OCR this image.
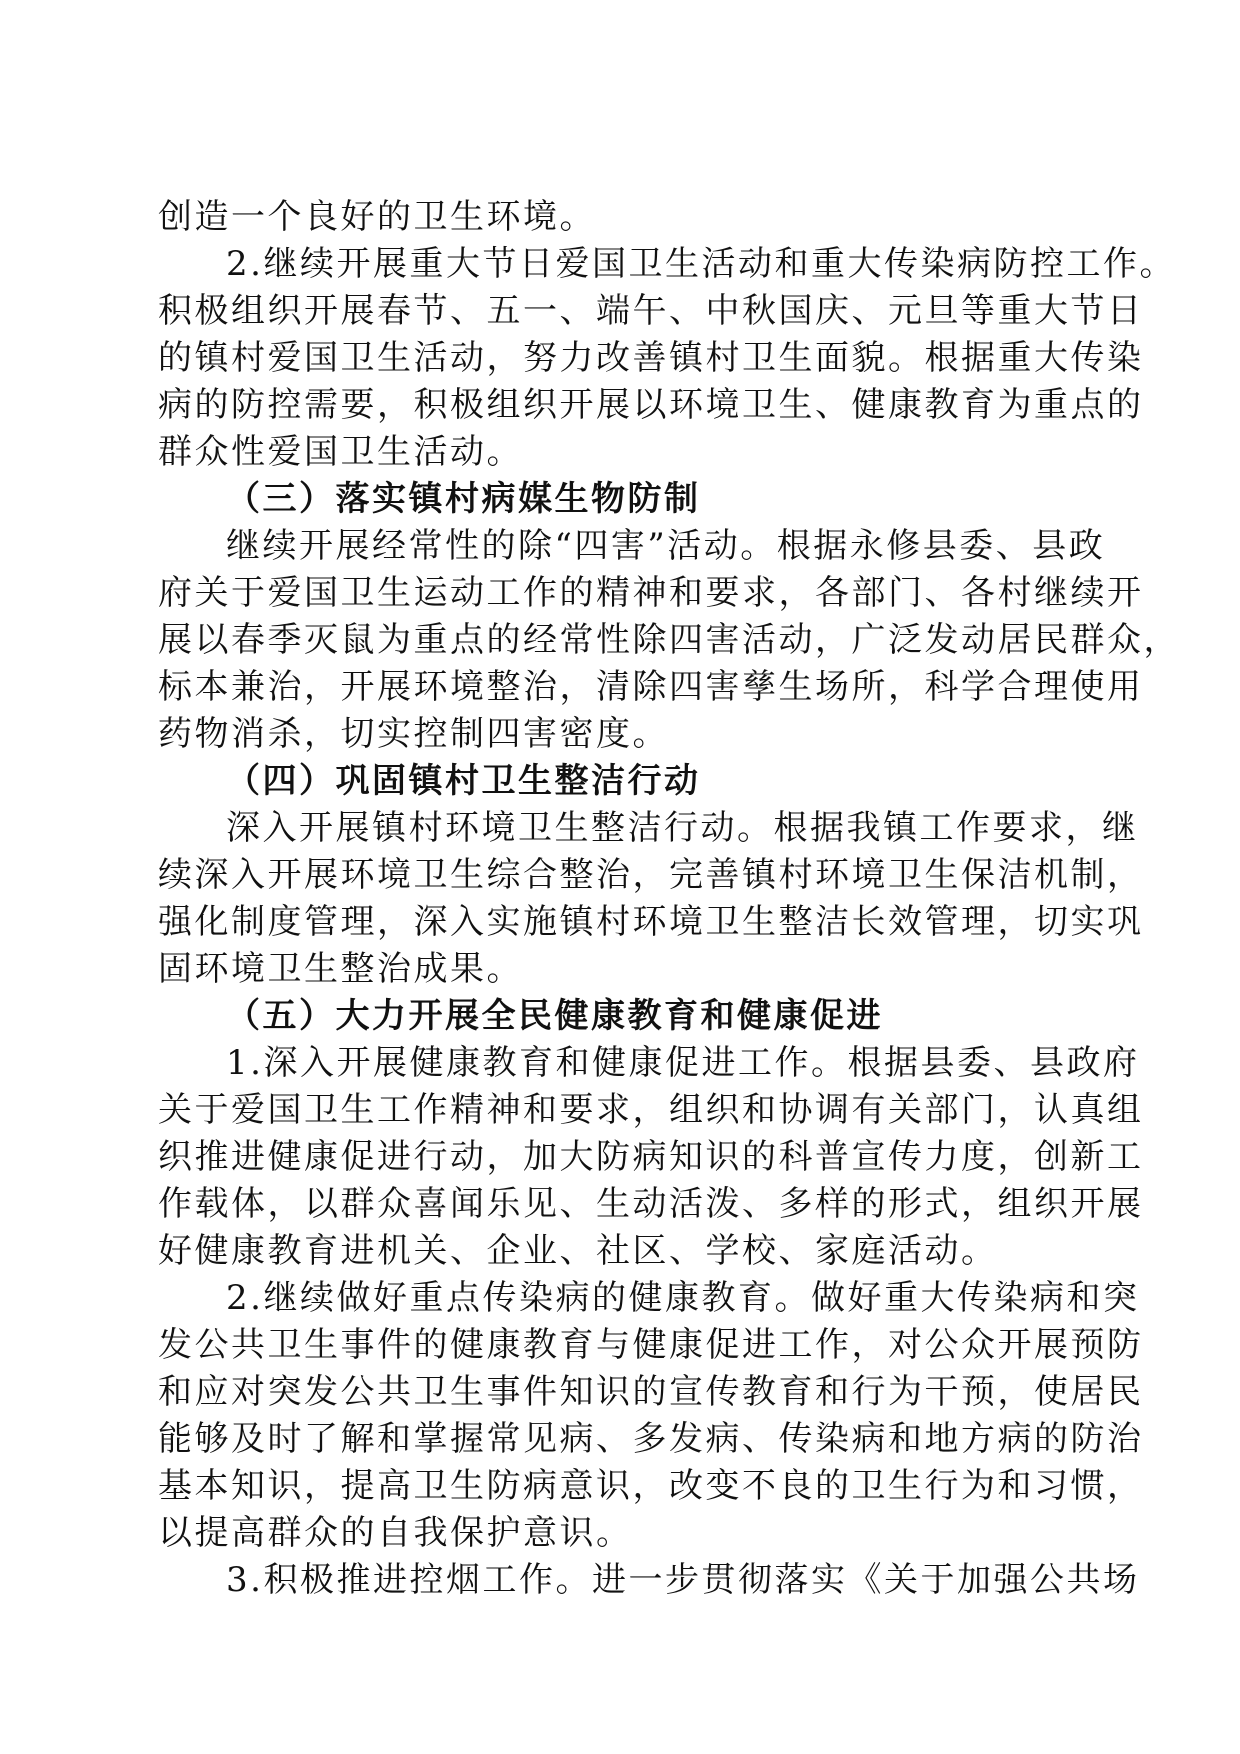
创造一个良好的卫生环境。
2.继续开展重大节日爱国卫生活动和重大传染病防控工作。
积极组织开展春节、五一、端午、中秋国庆、元旦等重大节日
的镇村爱国卫生活动，努力改善镇村卫生面貌。根据重大传染
病的防控需要，积极组织开展以环境卫生、健康教育为重点的
群众性爱国卫生活动。
（三）落实镇村病媒生物防制
继续开展经常性的除“四害”活动。根据永修县委、县政
府关于爱国卫生运动工作的精神和要求，各部门、各村继续开
展以春季灭鼠为重点的经常性除四害活动，广泛发动居民群众，
标本兼治，开展环境整治，清除四害孳生场所，科学合理使用
药物消杀，切实控制四害密度。
（四）巩固镇村卫生整洁行动
深入开展镇村环境卫生整洁行动。根据我镇工作要求，继
续深入开展环境卫生综合整治，完善镇村环境卫生保洁机制，
强化制度管理，深入实施镇村环境卫生整洁长效管理，切实巩
固环境卫生整治成果。
（五）大力开展全民健康教育和健康促进
1.深入开展健康教育和健康促进工作。根据县委、县政府
关于爱国卫生工作精神和要求，组织和协调有关部门，认真组
织推进健康促进行动，加大防病知识的科普宣传力度，创新工
作载体，以群众喜闻乐见、生动活泼、多样的形式，组织开展
好健康教育进机关、企业、社区、学校、家庭活动。
2.继续做好重点传染病的健康教育。做好重大传染病和突
发公共卫生事件的健康教育与健康促进工作，对公众开展预防
和应对突发公共卫生事件知识的宣传教育和行为干预，使居民
能够及时了解和掌握常见病、多发病、传染病和地方病的防治
基本知识，提高卫生防病意识，改变不良的卫生行为和习惯，
以提高群众的自我保护意识。
3.积极推进控烟工作。进一步贯彻落实《关于加强公共场
